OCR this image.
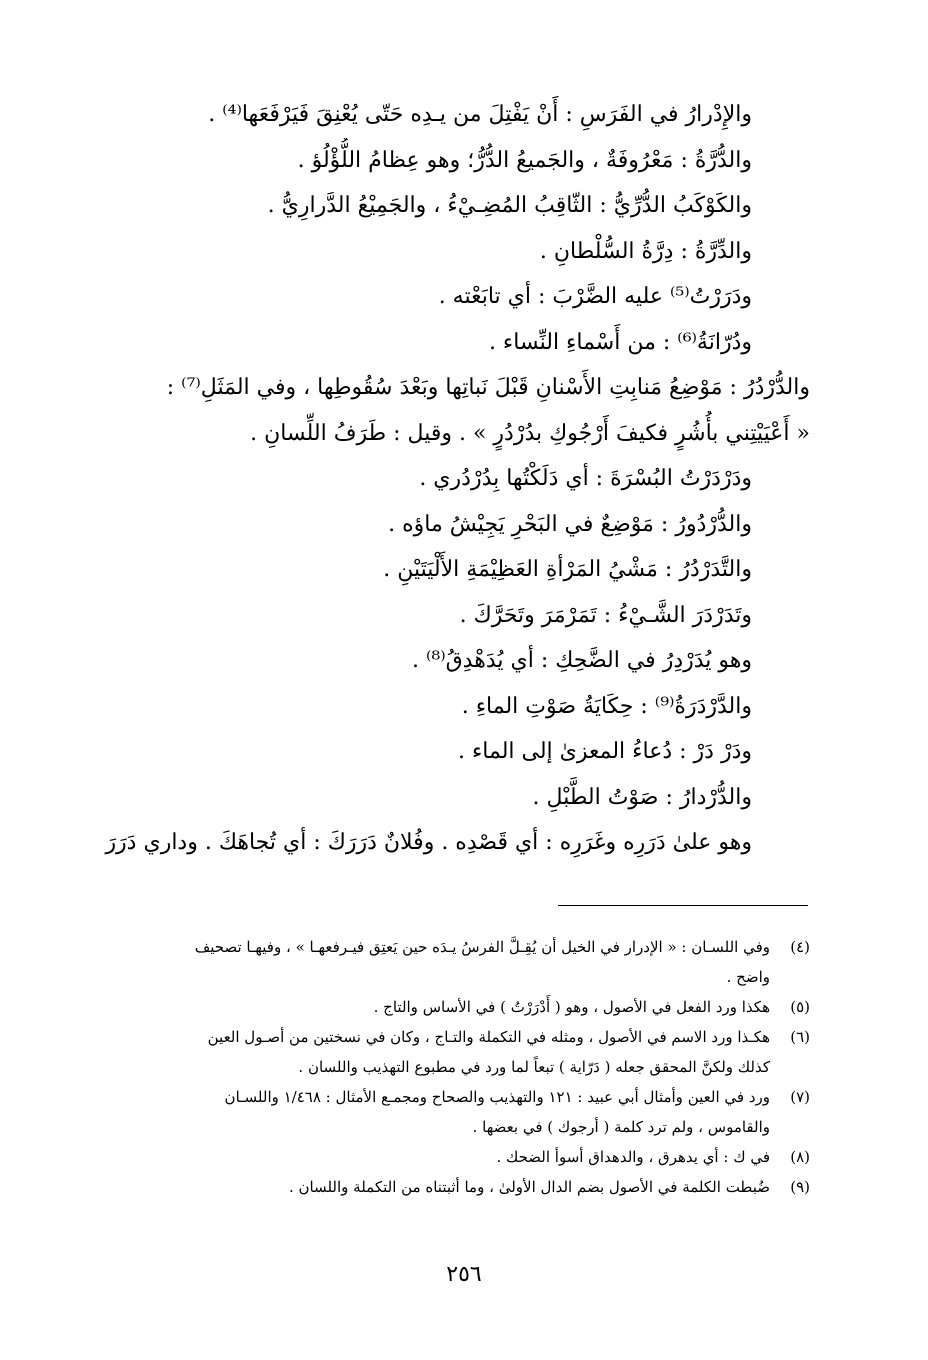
والإِدْرارُ في الفَرَسِ : أَنْ يَفْتِلَ من يـدِه حَتّى يُعْنِقَ فَيَرْفَعَها⁽⁴⁾ .
والدُّرَّةُ : مَعْرُوفَةٌ ، والجَميعُ الدُّرُّ؛ وهو عِظامُ اللُّؤْلُؤ .
والكَوْكَبُ الدُّرِّيُّ : الثّاقِبُ المُضِـيْءُ ، والجَمِيْعُ الدَّرارِيُّ .
والدِّرَّةُ : دِرَّةُ السُّلْطانِ .
ودَرَرْتُ⁽⁵⁾ عليه الضَّرْبَ : أي تابَعْته .
ودُرّانَةُ⁽⁶⁾ : من أَسْماءِ النِّساء .
والدُّرْدُرُ : مَوْضِعُ مَنابِتِ الأَسْنانِ قَبْلَ نَباتِها وبَعْدَ سُقُوطِها ، وفي المَثَلِ⁽⁷⁾ :
« أَعْيَيْتِني بأُشُرٍ فكيفَ أَرْجُوكِ بدُرْدُرٍ » . وقيل : طَرَفُ اللِّسانِ .
ودَرْدَرْتُ البُسْرَةَ : أي دَلَكْتُها بِدُرْدُري .
والدُّرْدُورُ : مَوْضِعٌ في البَحْرِ يَجِيْشُ ماؤه .
والتَّدَرْدُرُ : مَشْيُ المَرْأةِ العَظِيْمَةِ الأَلْيَتَيْنِ .
وتَدَرْدَرَ الشَّـيْءُ : تَمَرْمَرَ وتَحَرَّكَ .
وهو يُدَرْدِرُ في الضَّحِكِ : أي يُدَهْدِقُ⁽⁸⁾ .
والدَّرْدَرَةُ⁽⁹⁾ : حِكَايَةُ صَوْتِ الماءِ .
ودَرْ دَرْ : دُعاءُ المعزىٰ إلى الماء .
والدُّرْدارُ : صَوْتُ الطَّبْلِ .
وهو علىٰ دَرَرِه وغَرَرِه : أي قَصْدِه . وفُلانٌ دَرَرَكَ : أي تُجاهَكَ . وداري دَرَرَ
(٤)
وفي اللسـان : « الإدرار في الخيل أن يُقِـلَّ الفرسُ يـدَه حين يَعتِق فيـرفعهـا » ، وفيهـا تصحيف
واضح .
(٥)
هكذا ورد الفعل في الأصول ، وهو ( أَدْرَرْتُ ) في الأساس والتاج .
(٦)
هكـذا ورد الاسم في الأصول ، ومثله في التكملة والتـاج ، وكان في نسختين من أصـول العين
كذلك ولكنَّ المحقق جعله ( دَرّاية ) تبعاً لما ورد في مطبوع التهذيب واللسان .
(٧)
ورد في العين وأمثال أبي عبيد : ١٢١ والتهذيب والصحاح ومجمـع الأمثال : ١/٤٦٨ واللسـان
والقاموس ، ولم ترد كلمة ( أرجوك ) في بعضها .
(٨)
في ك : أي يدهرق ، والدهداق أسوأ الضحك .
(٩)
ضُبطت الكلمة في الأصول بضم الدال الأولىٰ ، وما أثبتناه من التكملة واللسان .
٢٥٦
